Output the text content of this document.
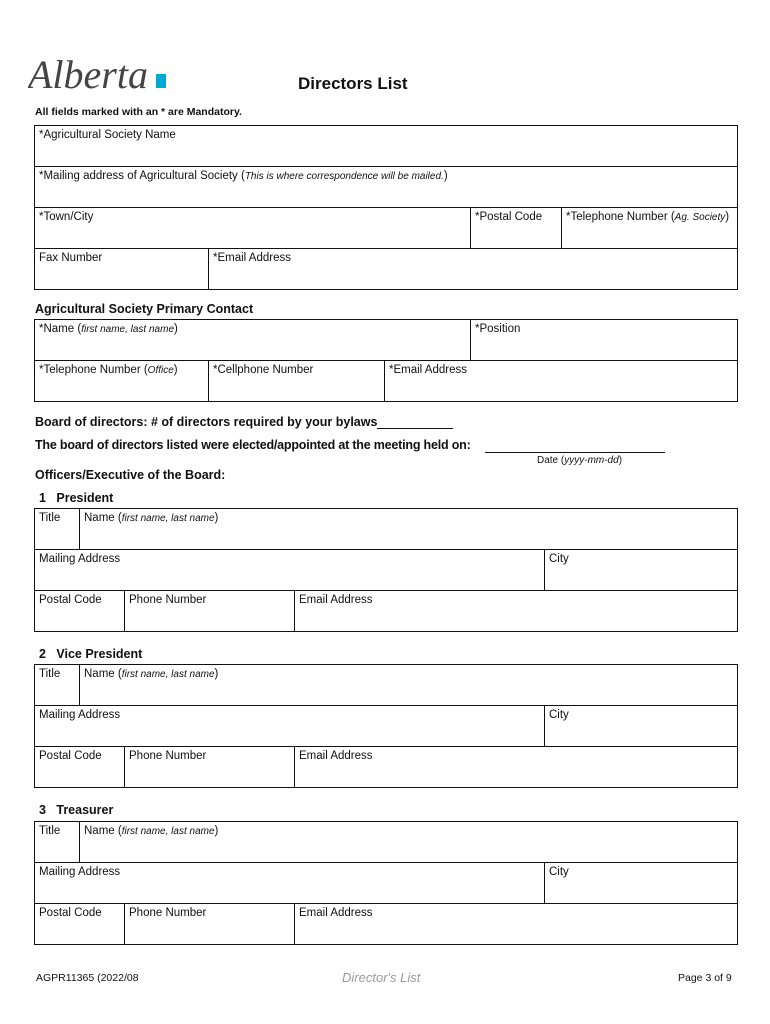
Alberta	Directors List
All fields marked with an * are Mandatory.
*Agricultural Society Name			
*Mailing address of Agricultural Society (This is where correspondence will be mailed.)			
*Town/City		*Postal Code	*Telephone Number (Ag. Society)
Fax Number	*Email Address		
Agricultural Society Primary Contact
*Name (first name, last name)			*Position
*Telephone Number (Office)	*Cellphone Number	*Email Address	
Board of directors: # of directors required by your bylaws
The board of directors listed were elected/appointed at the meeting held on:
Date (yyyy-mm-dd)
Officers/Executive of the Board:
1 President
Title	Name (first name, last name)			
Mailing Address				City
Postal Code		Phone Number	Email Address	
2 Vice President
Title	Name (first name, last name)			
Mailing Address				City
Postal Code		Phone Number	Email Address	
3 Treasurer
Title	Name (first name, last name)			
Mailing Address				City
Postal Code		Phone Number	Email Address	
AGPR11365 (2022/08	Director's List	Page 3 of 9
